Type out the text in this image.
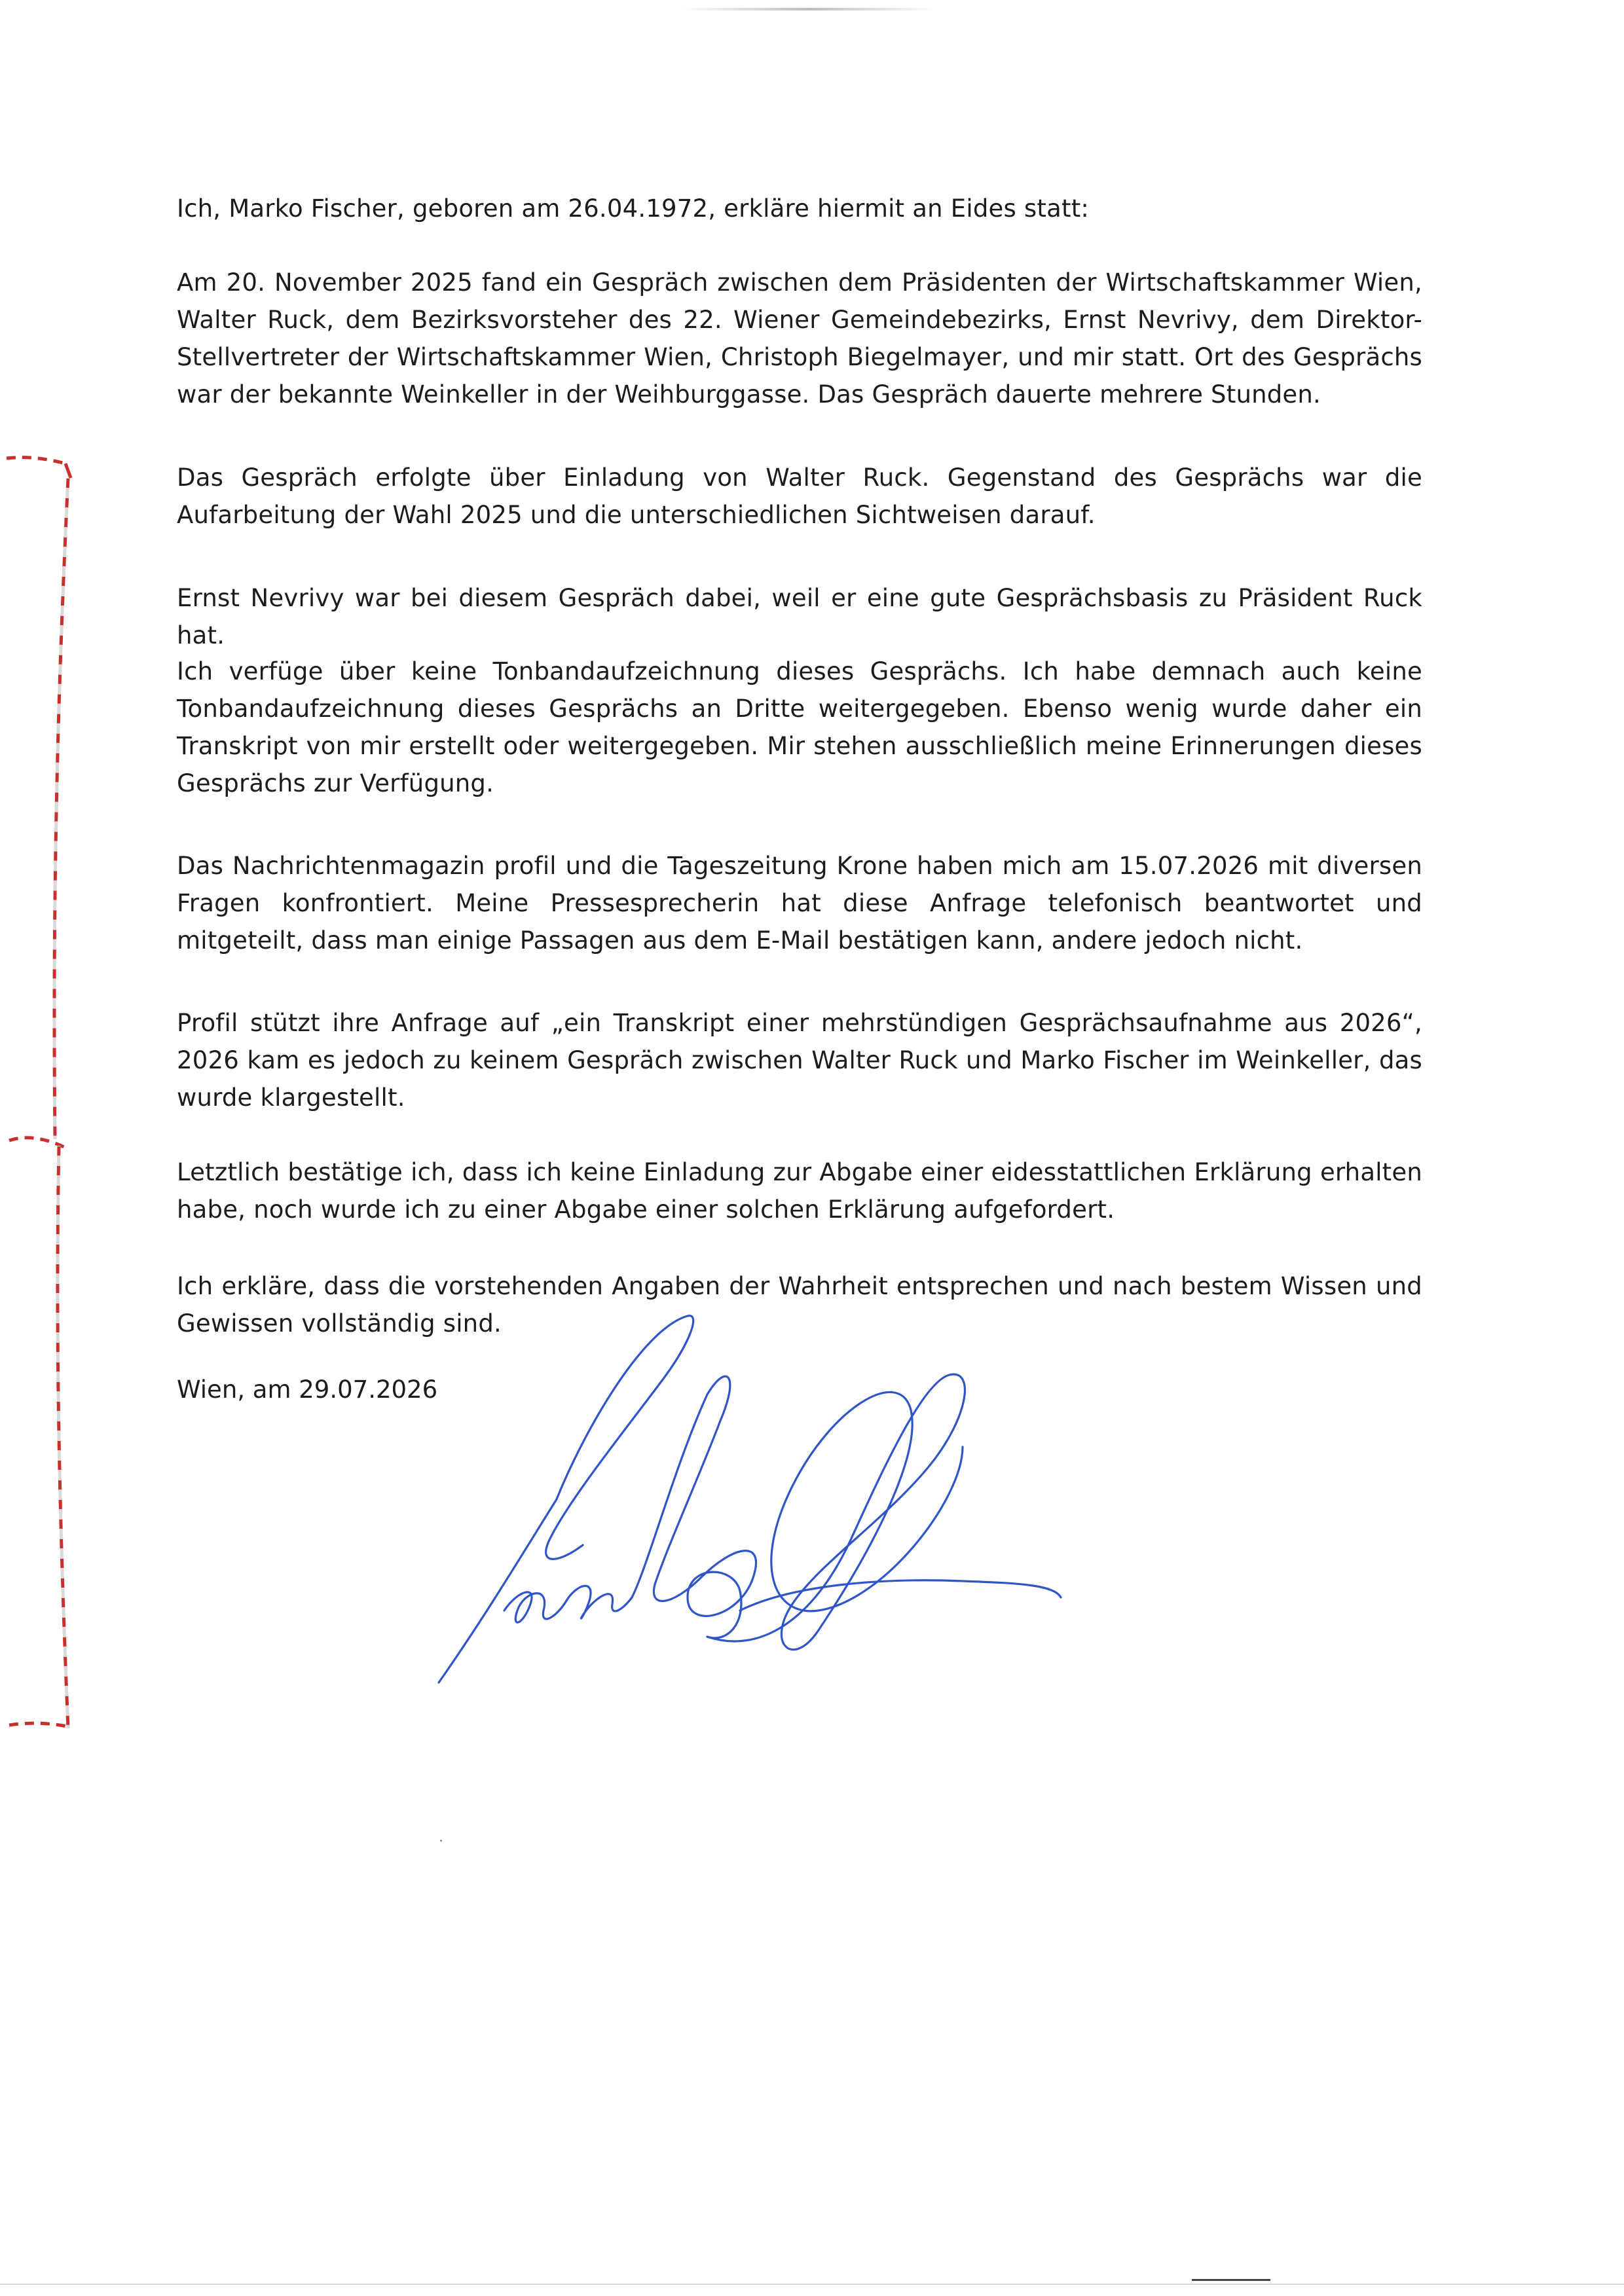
Ich, Marko Fischer, geboren am 26.04.1972, erkläre hiermit an Eides statt:

Am 20. November 2025 fand ein Gespräch zwischen dem Präsidenten der Wirtschaftskammer Wien, Walter Ruck, dem Bezirksvorsteher des 22. Wiener Gemeindebezirks, Ernst Nevrivy, dem Direktor-Stellvertreter der Wirtschaftskammer Wien, Christoph Biegelmayer, und mir statt. Ort des Gesprächs war der bekannte Weinkeller in der Weihburggasse. Das Gespräch dauerte mehrere Stunden.

Das Gespräch erfolgte über Einladung von Walter Ruck. Gegenstand des Gesprächs war die Aufarbeitung der Wahl 2025 und die unterschiedlichen Sichtweisen darauf.

Ernst Nevrivy war bei diesem Gespräch dabei, weil er eine gute Gesprächsbasis zu Präsident Ruck hat.

Ich verfüge über keine Tonbandaufzeichnung dieses Gesprächs. Ich habe demnach auch keine Tonbandaufzeichnung dieses Gesprächs an Dritte weitergegeben. Ebenso wenig wurde daher ein Transkript von mir erstellt oder weitergegeben. Mir stehen ausschließlich meine Erinnerungen dieses Gesprächs zur Verfügung.

Das Nachrichtenmagazin profil und die Tageszeitung Krone haben mich am 15.07.2026 mit diversen Fragen konfrontiert. Meine Pressesprecherin hat diese Anfrage telefonisch beantwortet und mitgeteilt, dass man einige Passagen aus dem E-Mail bestätigen kann, andere jedoch nicht.

Profil stützt ihre Anfrage auf „ein Transkript einer mehrstündigen Gesprächsaufnahme aus 2026“, 2026 kam es jedoch zu keinem Gespräch zwischen Walter Ruck und Marko Fischer im Weinkeller, das wurde klargestellt.

Letztlich bestätige ich, dass ich keine Einladung zur Abgabe einer eidesstattlichen Erklärung erhalten habe, noch wurde ich zu einer Abgabe einer solchen Erklärung aufgefordert.

Ich erkläre, dass die vorstehenden Angaben der Wahrheit entsprechen und nach bestem Wissen und Gewissen vollständig sind.

Wien, am 29.07.2026
